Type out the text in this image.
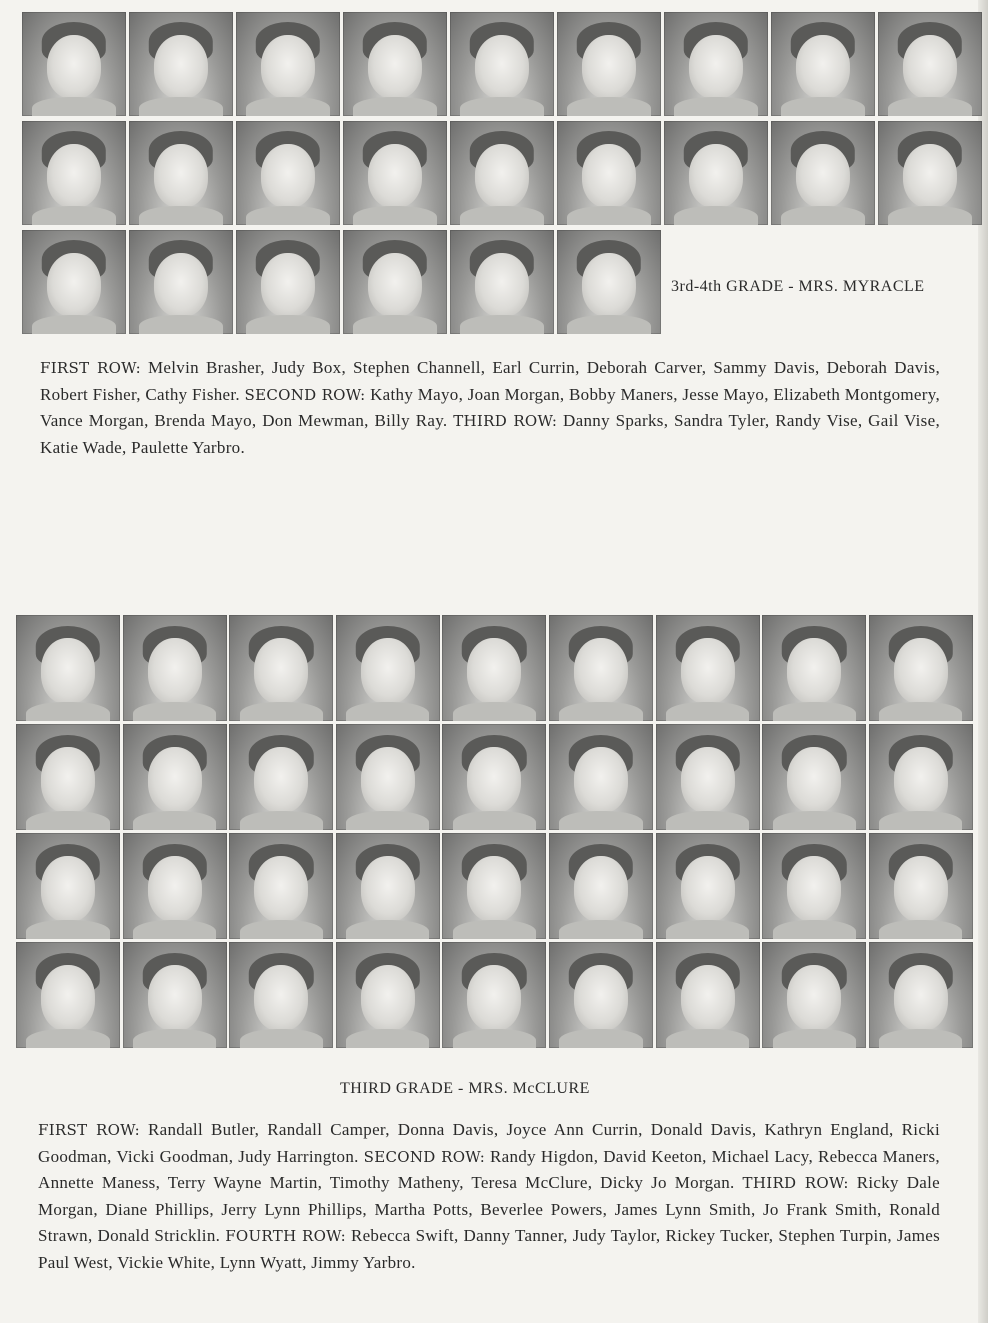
3rd-4th GRADE - MRS. MYRACLE
FIRST ROW: Melvin Brasher, Judy Box, Stephen Channell, Earl Currin, Deborah Carver, Sammy Davis, Deborah Davis, Robert Fisher, Cathy Fisher. SECOND ROW: Kathy Mayo, Joan Morgan, Bobby Maners, Jesse Mayo, Elizabeth Montgomery, Vance Morgan, Brenda Mayo, Don Mewman, Billy Ray. THIRD ROW: Danny Sparks, Sandra Tyler, Randy Vise, Gail Vise, Katie Wade, Paulette Yarbro.
THIRD GRADE - MRS. McCLURE
FIRST ROW: Randall Butler, Randall Camper, Donna Davis, Joyce Ann Currin, Donald Davis, Kathryn England, Ricki Goodman, Vicki Goodman, Judy Harrington. SECOND ROW: Randy Higdon, David Keeton, Michael Lacy, Rebecca Maners, Annette Maness, Terry Wayne Martin, Timothy Matheny, Teresa McClure, Dicky Jo Morgan. THIRD ROW: Ricky Dale Morgan, Diane Phillips, Jerry Lynn Phillips, Martha Potts, Beverlee Powers, James Lynn Smith, Jo Frank Smith, Ronald Strawn, Donald Stricklin. FOURTH ROW: Rebecca Swift, Danny Tanner, Judy Taylor, Rickey Tucker, Stephen Turpin, James Paul West, Vickie White, Lynn Wyatt, Jimmy Yarbro.
